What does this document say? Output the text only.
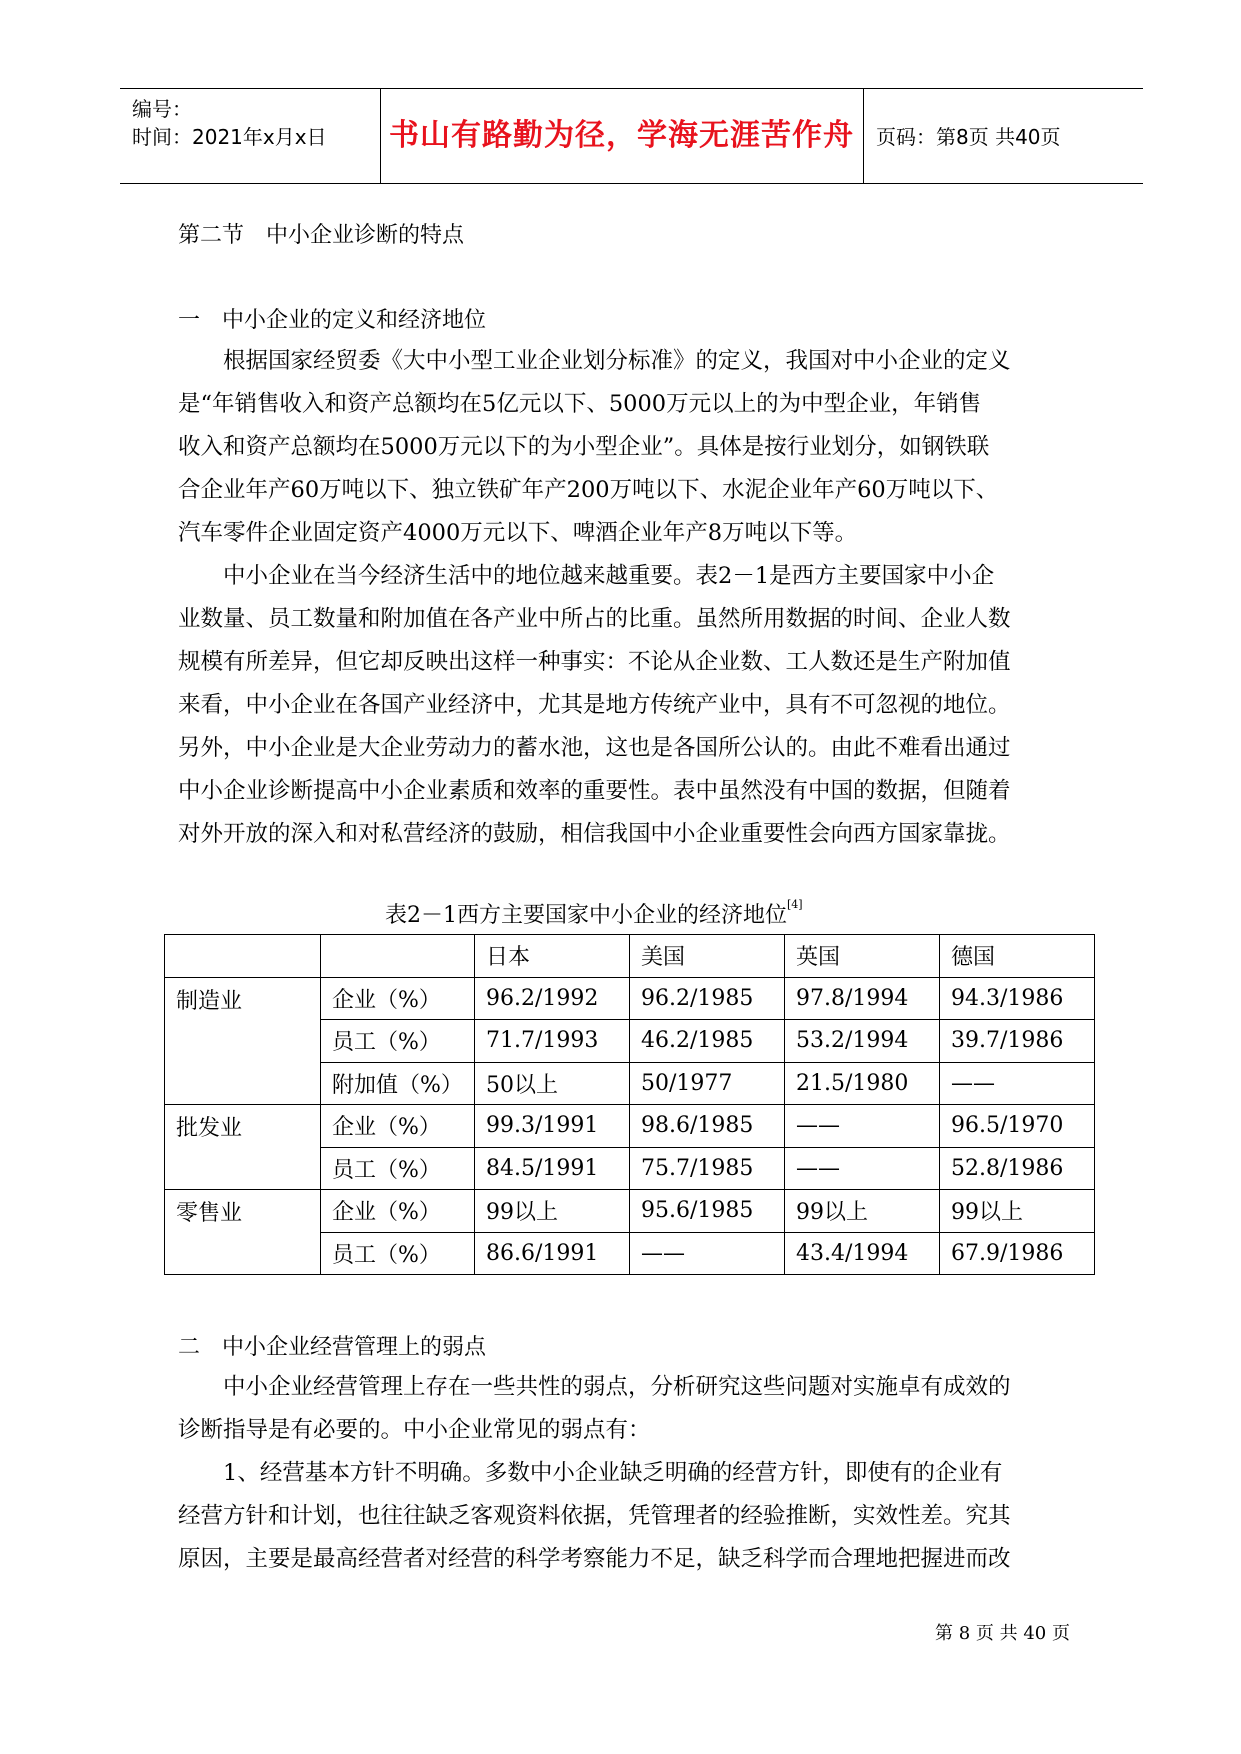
编号：
时间：2021年x月x日	书山有路勤为径，学海无涯苦作舟	页码：第8页 共40页
第二节　中小企业诊断的特点
一　中小企业的定义和经济地位
　　根据国家经贸委《大中小型工业企业划分标准》的定义，我国对中小企业的定义
是“年销售收入和资产总额均在5亿元以下、5000万元以上的为中型企业，年销售
收入和资产总额均在5000万元以下的为小型企业”。具体是按行业划分，如钢铁联
合企业年产60万吨以下、独立铁矿年产200万吨以下、水泥企业年产60万吨以下、
汽车零件企业固定资产4000万元以下、啤酒企业年产8万吨以下等。
　　中小企业在当今经济生活中的地位越来越重要。表2－1是西方主要国家中小企
业数量、员工数量和附加值在各产业中所占的比重。虽然所用数据的时间、企业人数
规模有所差异，但它却反映出这样一种事实：不论从企业数、工人数还是生产附加值
来看，中小企业在各国产业经济中，尤其是地方传统产业中，具有不可忽视的地位。
另外，中小企业是大企业劳动力的蓄水池，这也是各国所公认的。由此不难看出通过
中小企业诊断提高中小企业素质和效率的重要性。表中虽然没有中国的数据，但随着
对外开放的深入和对私营经济的鼓励，相信我国中小企业重要性会向西方国家靠拢。
表2－1西方主要国家中小企业的经济地位[4]
		日本	美国	英国	德国
制造业	企业（%）	96.2/1992	96.2/1985	97.8/1994	94.3/1986
	员工（%）	71.7/1993	46.2/1985	53.2/1994	39.7/1986
	附加值（%）	50以上	50/1977	21.5/1980	——
批发业	企业（%）	99.3/1991	98.6/1985	——	96.5/1970
	员工（%）	84.5/1991	75.7/1985	——	52.8/1986
零售业	企业（%）	99以上	95.6/1985	99以上	99以上
	员工（%）	86.6/1991	——	43.4/1994	67.9/1986
二　中小企业经营管理上的弱点
　　中小企业经营管理上存在一些共性的弱点，分析研究这些问题对实施卓有成效的
诊断指导是有必要的。中小企业常见的弱点有：
　　1、经营基本方针不明确。多数中小企业缺乏明确的经营方针，即使有的企业有
经营方针和计划，也往往缺乏客观资料依据，凭管理者的经验推断，实效性差。究其
原因，主要是最高经营者对经营的科学考察能力不足，缺乏科学而合理地把握进而改
第 8 页 共 40 页
